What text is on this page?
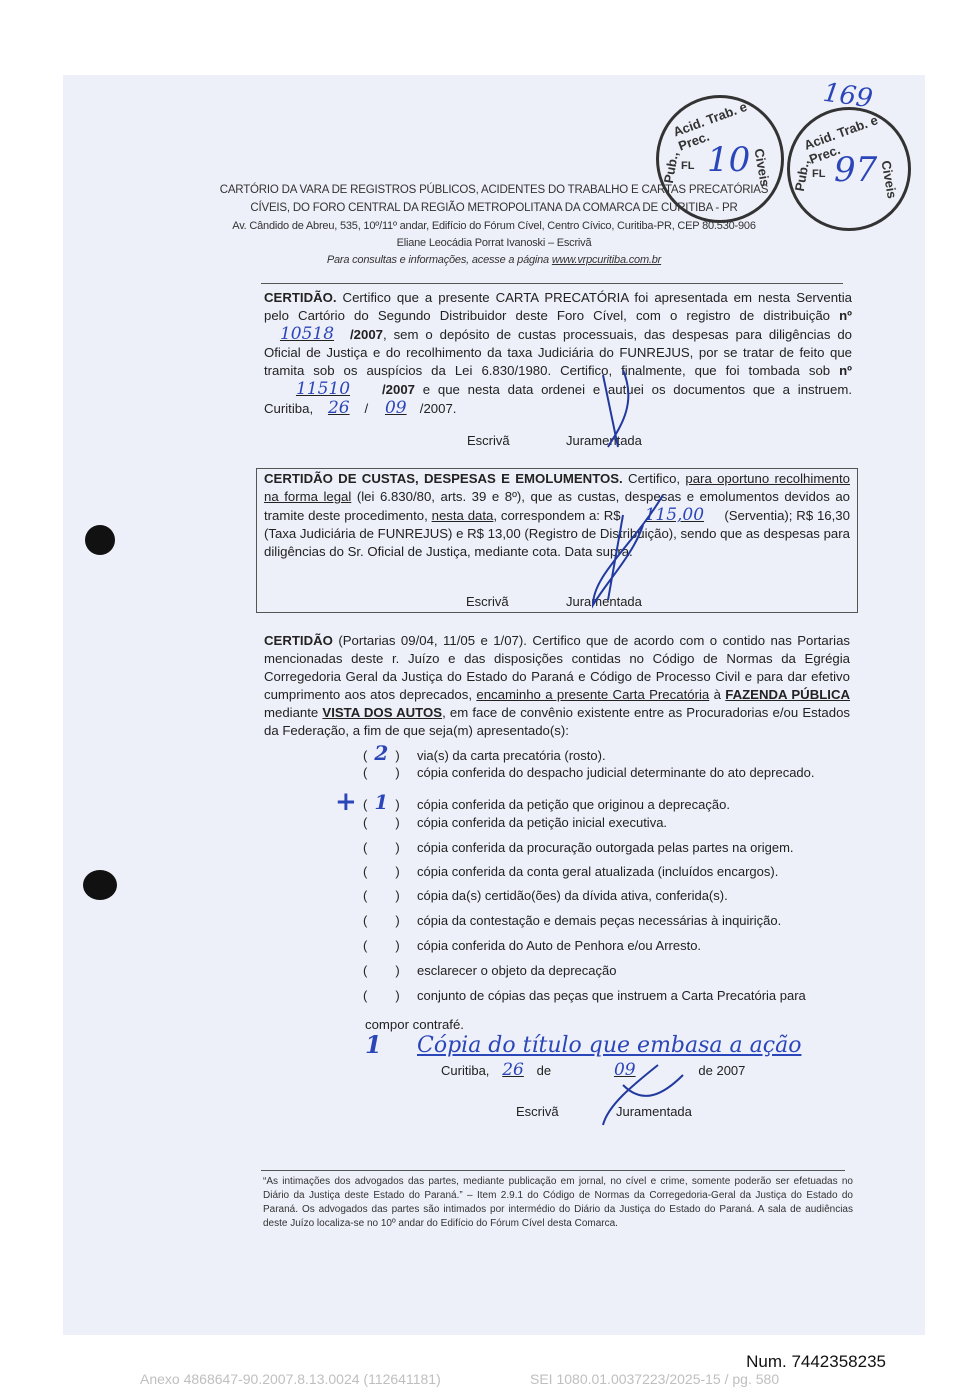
Acid. Trab. e Prec.
Pub.,	Civeis
FL 10
Acid. Trab. e Prec.
Pub.,	Civeis
FL 97
169
CARTÓRIO DA VARA DE REGISTROS PÚBLICOS, ACIDENTES DO TRABALHO E CARTAS PRECATÓRIAS
CÍVEIS, DO FORO CENTRAL DA REGIÃO METROPOLITANA DA COMARCA DE CURITIBA - PR
Av. Cândido de Abreu, 535, 10º/11º andar, Edifício do Fórum Cível, Centro Cívico, Curitiba-PR, CEP 80.530-906
Eliane Leocádia Porrat Ivanoski – Escrivã
Para consultas e informações, acesse a página www.vrpcuritiba.com.br
CERTIDÃO. Certifico que a presente CARTA PRECATÓRIA foi apresentada em nesta Serventia pelo Cartório do Segundo Distribuidor deste Foro Cível, com o registro de distribuição nº 10518 /2007, sem o depósito de custas processuais, das despesas para diligências do Oficial de Justiça e do recolhimento da taxa Judiciária do FUNREJUS, por se tratar de feito que tramita sob os auspícios da Lei 6.830/1980. Certifico, finalmente, que foi tombada sob nº 11510 /2007 e que nesta data ordenei e autuei os documentos que a instruem. Curitiba, 26 / 09 /2007.
Escrivã	Juramentada
CERTIDÃO DE CUSTAS, DESPESAS E EMOLUMENTOS. Certifico, para oportuno recolhimento na forma legal (lei 6.830/80, arts. 39 e 8º), que as custas, despesas e emolumentos devidos ao tramite deste procedimento, nesta data, correspondem a: R$. 115,00 (Serventia); R$ 16,30 (Taxa Judiciária de FUNREJUS) e R$ 13,00 (Registro de Distribuição), sendo que as despesas para diligências do Sr. Oficial de Justiça, mediante cota. Data supra.
Escrivã	Juramentada
CERTIDÃO (Portarias 09/04, 11/05 e 1/07). Certifico que de acordo com o contido nas Portarias mencionadas deste r. Juízo e das disposições contidas no Código de Normas da Egrégia Corregedoria Geral da Justiça do Estado do Paraná e Código de Processo Civil e para dar efetivo cumprimento aos atos deprecados, encaminho a presente Carta Precatória à FAZENDA PÚBLICA mediante VISTA DOS AUTOS, em face de convênio existente entre as Procuradorias e/ou Estados da Federação, a fim de que seja(m) apresentado(s):
( 2 ) via(s) da carta precatória (rosto).
( ) cópia conferida do despacho judicial determinante do ato deprecado.
( 1 ) cópia conferida da petição que originou a deprecação.
( ) cópia conferida da petição inicial executiva.
( ) cópia conferida da procuração outorgada pelas partes na origem.
( ) cópia conferida da conta geral atualizada (incluídos encargos).
( ) cópia da(s) certidão(ões) da dívida ativa, conferida(s).
( ) cópia da contestação e demais peças necessárias à inquirição.
( ) cópia conferida do Auto de Penhora e/ou Arresto.
( ) esclarecer o objeto da deprecação
( ) conjunto de cópias das peças que instruem a Carta Precatória para
+
compor contrafé.
1 Cópia do título que embasa a ação
Curitiba, 26 de	09	de 2007
Escrivã	Juramentada
“As intimações dos advogados das partes, mediante publicação em jornal, no cível e crime, somente poderão ser efetuadas no Diário da Justiça deste Estado do Paraná.” – Item 2.9.1 do Código de Normas da Corregedoria-Geral da Justiça do Estado do Paraná. Os advogados das partes são intimados por intermédio do Diário da Justiça do Estado do Paraná. A sala de audiências deste Juízo localiza-se no 10º andar do Edifício do Fórum Cível desta Comarca.
Num. 7442358235
Anexo 4868647-90.2007.8.13.0024 (112641181)	SEI 1080.01.0037223/2025-15 / pg. 580
